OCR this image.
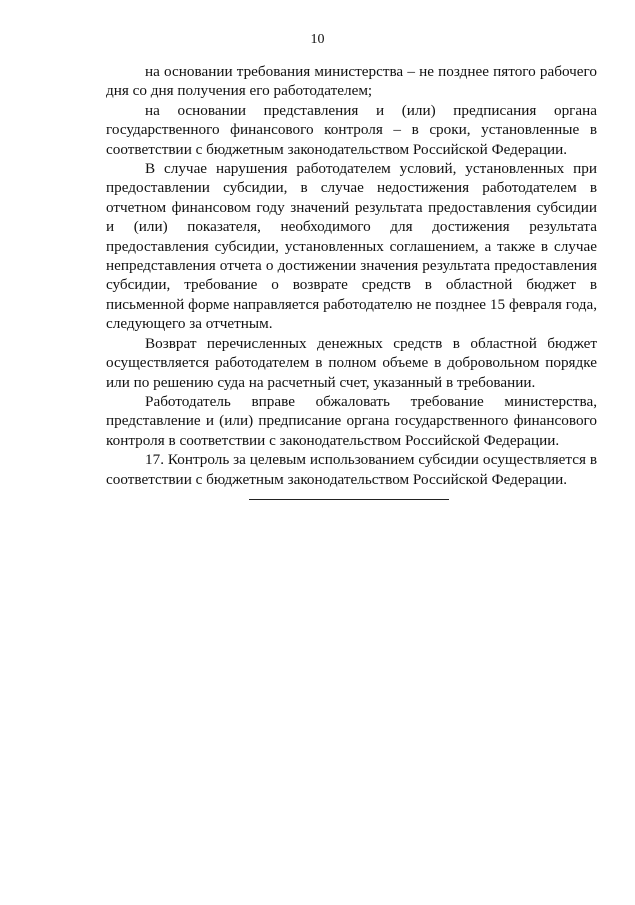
10

на основании требования министерства – не позднее пятого рабочего дня со дня получения его работодателем;

на основании представления и (или) предписания органа государственного финансового контроля – в сроки, установленные в соответствии с бюджетным законодательством Российской Федерации.

В случае нарушения работодателем условий, установленных при предоставлении субсидии, в случае недостижения работодателем в отчетном финансовом году значений результата предоставления субсидии и (или) показателя, необходимого для достижения результата предоставления субсидии, установленных соглашением, а также в случае непредставления отчета о достижении значения результата предоставления субсидии, требование о возврате средств в областной бюджет в письменной форме направляется работодателю не позднее 15 февраля года, следующего за отчетным.

Возврат перечисленных денежных средств в областной бюджет осуществляется работодателем в полном объеме в добровольном порядке или по решению суда на расчетный счет, указанный в требовании.

Работодатель вправе обжаловать требование министерства, представление и (или) предписание органа государственного финансового контроля в соответствии с законодательством Российской Федерации.

17. Контроль за целевым использованием субсидии осуществляется в соответствии с бюджетным законодательством Российской Федерации.
